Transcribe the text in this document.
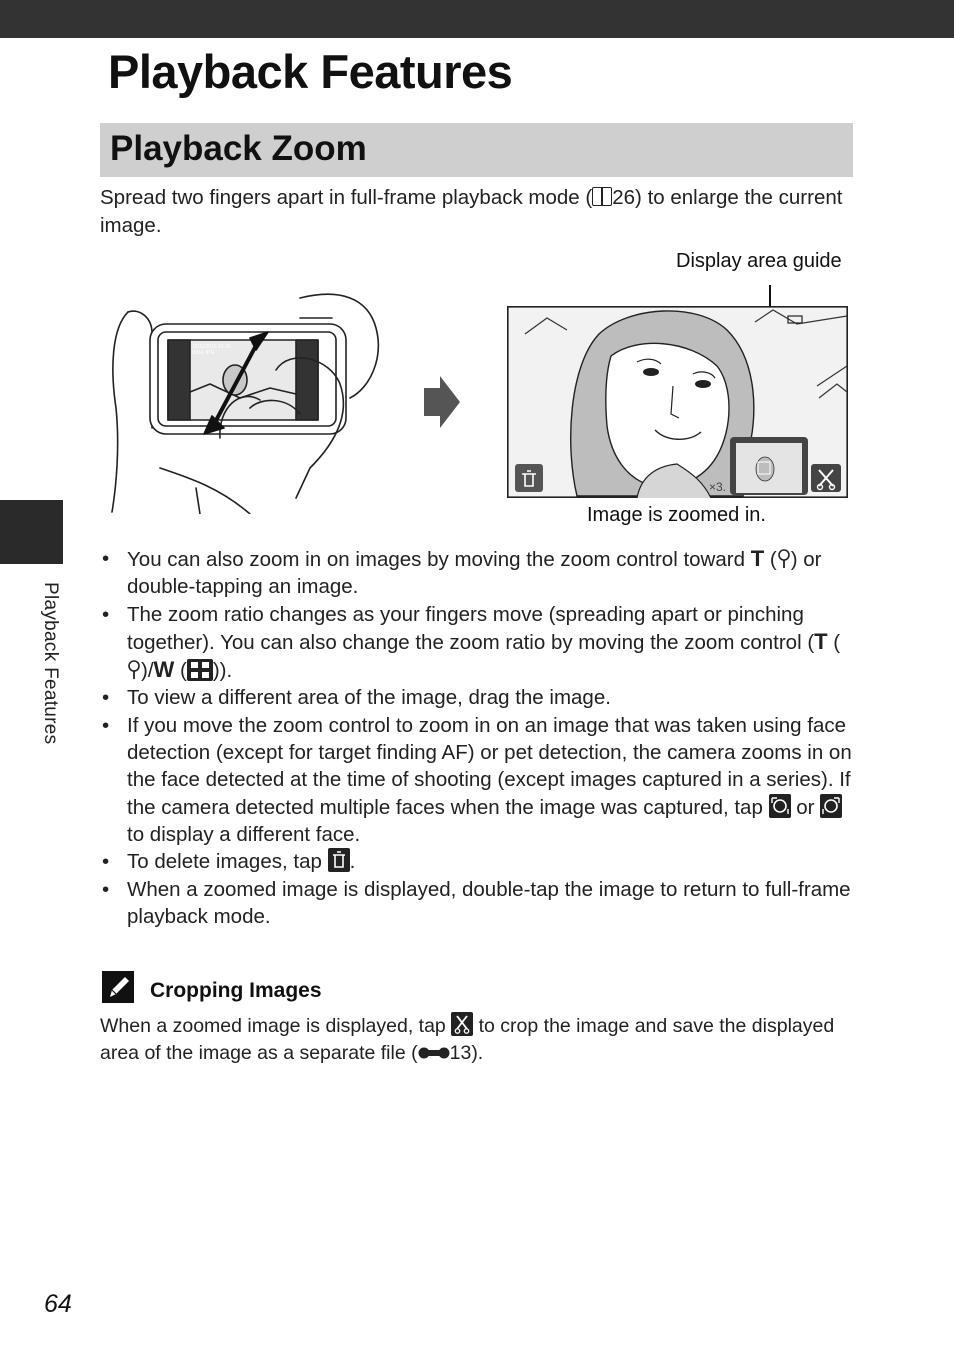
Playback Features
Playback Features
Playback Zoom
Spread two fingers apart in full-frame playback mode ( 26) to enlarge the current image.
Display area guide
15/11/2015 15:30
0004.JPG
×3.
Image is zoomed in.
• You can also zoom in on images by moving the zoom control toward T ( ) or double-tapping an image.
• The zoom ratio changes as your fingers move (spreading apart or pinching together). You can also change the zoom ratio by moving the zoom control (T ()/W ( )).
• To view a different area of the image, drag the image.
• If you move the zoom control to zoom in on an image that was taken using face detection (except for target finding AF) or pet detection, the camera zooms in on the face detected at the time of shooting (except images captured in a series). If the camera detected multiple faces when the image was captured, tap  or  to display a different face.
• To delete images, tap .
• When a zoomed image is displayed, double-tap the image to return to full-frame playback mode.
Cropping Images
When a zoomed image is displayed, tap  to crop the image and save the displayed area of the image as a separate file ( 13).
64
